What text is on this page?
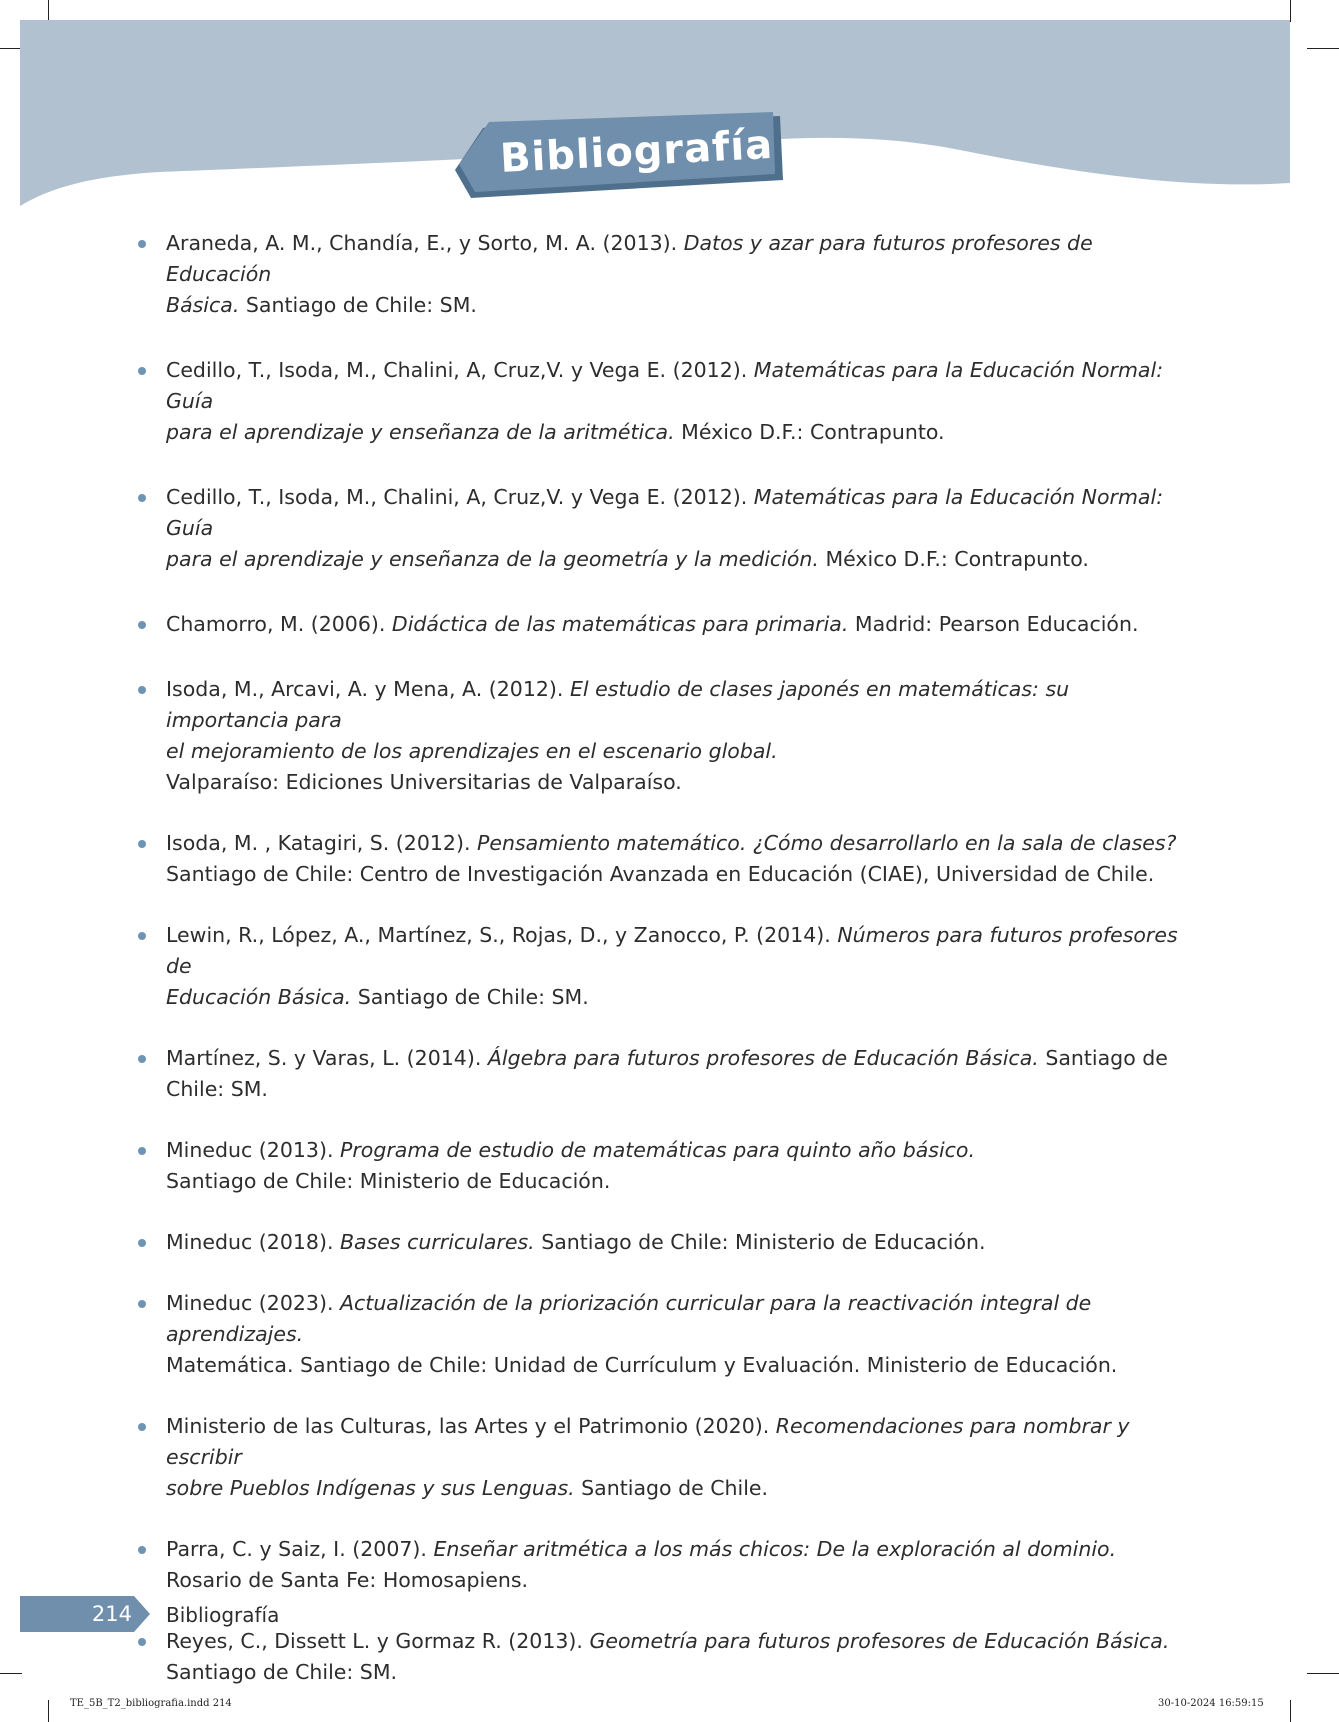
Bibliografía
Araneda, A. M., Chandía, E., y Sorto, M. A. (2013). Datos y azar para futuros profesores de Educación
Básica. Santiago de Chile: SM.
Cedillo, T., Isoda, M., Chalini, A, Cruz,V. y Vega E. (2012). Matemáticas para la Educación Normal: Guía
para el aprendizaje y enseñanza de la aritmética. México D.F.: Contrapunto.
Cedillo, T., Isoda, M., Chalini, A, Cruz,V. y Vega E. (2012). Matemáticas para la Educación Normal: Guía
para el aprendizaje y enseñanza de la geometría y la medición. México D.F.: Contrapunto.
Chamorro, M. (2006). Didáctica de las matemáticas para primaria. Madrid: Pearson Educación.
Isoda, M., Arcavi, A. y Mena, A. (2012). El estudio de clases japonés en matemáticas: su importancia para
el mejoramiento de los aprendizajes en el escenario global.
Valparaíso: Ediciones Universitarias de Valparaíso.
Isoda, M. , Katagiri, S. (2012). Pensamiento matemático. ¿Cómo desarrollarlo en la sala de clases?
Santiago de Chile: Centro de Investigación Avanzada en Educación (CIAE), Universidad de Chile.
Lewin, R., López, A., Martínez, S., Rojas, D., y Zanocco, P. (2014). Números para futuros profesores de
Educación Básica. Santiago de Chile: SM.
Martínez, S. y Varas, L. (2014). Álgebra para futuros profesores de Educación Básica. Santiago de Chile: SM.
Mineduc (2013). Programa de estudio de matemáticas para quinto año básico.
Santiago de Chile: Ministerio de Educación.
Mineduc (2018). Bases curriculares. Santiago de Chile: Ministerio de Educación.
Mineduc (2023). Actualización de la priorización curricular para la reactivación integral de aprendizajes.
Matemática. Santiago de Chile: Unidad de Currículum y Evaluación. Ministerio de Educación.
Ministerio de las Culturas, las Artes y el Patrimonio (2020). Recomendaciones para nombrar y escribir
sobre Pueblos Indígenas y sus Lenguas. Santiago de Chile.
Parra, C. y Saiz, I. (2007). Enseñar aritmética a los más chicos: De la exploración al dominio.
Rosario de Santa Fe: Homosapiens.
Reyes, C., Dissett L. y Gormaz R. (2013). Geometría para futuros profesores de Educación Básica.
Santiago de Chile: SM.
214 Bibliografía
TE_5B_T2_bibliografia.indd 214	30-10-2024 16:59:15
